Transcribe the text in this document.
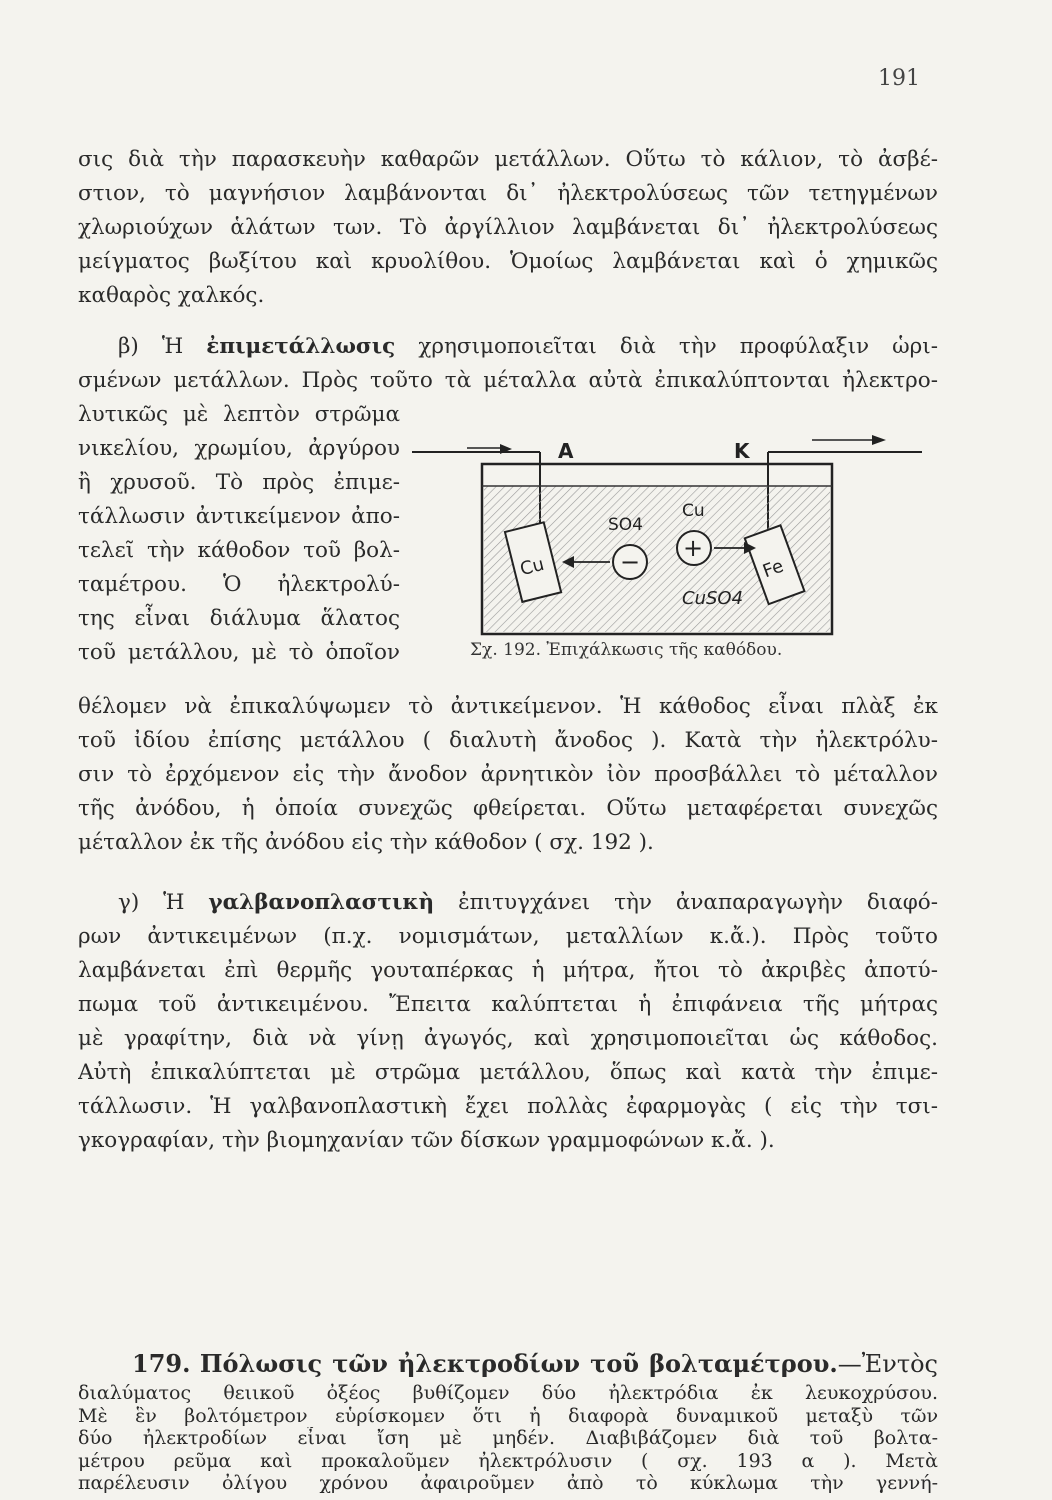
191
σις διὰ τὴν παρασκευὴν καθαρῶν μετάλλων. Οὕτω τὸ κάλιον, τὸ ἀσβέ-
στιον, τὸ μαγνήσιον λαμβάνονται δι᾽ ἠλεκτρολύσεως τῶν τετηγμένων
χλωριούχων ἁλάτων των. Τὸ ἀργίλλιον λαμβάνεται δι᾽ ἠλεκτρολύσεως
μείγματος βωξίτου καὶ κρυολίθου. Ὁμοίως λαμβάνεται καὶ ὁ χημικῶς
καθαρὸς χαλκός.
β) Ἡ ἐπιμετάλλωσις χρησιμοποιεῖται διὰ τὴν προφύλαξιν ὡρι-
σμένων μετάλλων. Πρὸς τοῦτο τὰ μέταλλα αὐτὰ ἐπικαλύπτονται ἠλεκτρο-
λυτικῶς μὲ λεπτὸν στρῶμα
νικελίου, χρωμίου, ἀργύρου
ἢ χρυσοῦ. Τὸ πρὸς ἐπιμε-
τάλλωσιν ἀντικείμενον ἀπο-
τελεῖ τὴν κάθοδον τοῦ βολ-
ταμέτρου. Ὁ ἠλεκτρολύ-
της εἶναι διάλυμα ἅλατος
τοῦ μετάλλου, μὲ τὸ ὁποῖον
A	K
Cu	Fe
SO4
−
Cu
+
CuSO4
Σχ. 192. Ἐπιχάλκωσις τῆς καθόδου.
θέλομεν νὰ ἐπικαλύψωμεν τὸ ἀντικείμενον. Ἡ κάθοδος εἶναι πλὰξ ἐκ
τοῦ ἰδίου ἐπίσης μετάλλου ( διαλυτὴ ἄνοδος ). Κατὰ τὴν ἠλεκτρόλυ-
σιν τὸ ἐρχόμενον εἰς τὴν ἄνοδον ἀρνητικὸν ἰὸν προσβάλλει τὸ μέταλλον
τῆς ἀνόδου, ἡ ὁποία συνεχῶς φθείρεται. Οὕτω μεταφέρεται συνεχῶς
μέταλλον ἐκ τῆς ἀνόδου εἰς τὴν κάθοδον ( σχ. 192 ).
γ) Ἡ γαλβανοπλαστικὴ ἐπιτυγχάνει τὴν ἀναπαραγωγὴν διαφό-
ρων ἀντικειμένων (π.χ. νομισμάτων, μεταλλίων κ.ἄ.). Πρὸς τοῦτο
λαμβάνεται ἐπὶ θερμῆς γουταπέρκας ἡ μήτρα, ἤτοι τὸ ἀκριβὲς ἀποτύ-
πωμα τοῦ ἀντικειμένου. Ἔπειτα καλύπτεται ἡ ἐπιφάνεια τῆς μήτρας
μὲ γραφίτην, διὰ νὰ γίνῃ ἀγωγός, καὶ χρησιμοποιεῖται ὡς κάθοδος.
Αὐτὴ ἐπικαλύπτεται μὲ στρῶμα μετάλλου, ὅπως καὶ κατὰ τὴν ἐπιμε-
τάλλωσιν. Ἡ γαλβανοπλαστικὴ ἔχει πολλὰς ἐφαρμογὰς ( εἰς τὴν τσι-
γκογραφίαν, τὴν βιομηχανίαν τῶν δίσκων γραμμοφώνων κ.ἄ. ).
179. Πόλωσις τῶν ἠλεκτροδίων τοῦ βολταμέτρου.—Ἐντὸς
διαλύματος θειικοῦ ὀξέος βυθίζομεν δύο ἠλεκτρόδια ἐκ λευκοχρύσου.
Μὲ ἓν βολτόμετρον εὑρίσκομεν ὅτι ἡ διαφορὰ δυναμικοῦ μεταξὺ τῶν
δύο ἠλεκτροδίων εἶναι ἴση μὲ μηδέν. Διαβιβάζομεν διὰ τοῦ βολτα-
μέτρου ρεῦμα καὶ προκαλοῦμεν ἠλεκτρόλυσιν ( σχ. 193 α ). Μετὰ
παρέλευσιν ὀλίγου χρόνου ἀφαιροῦμεν ἀπὸ τὸ κύκλωμα τὴν γεννή-
